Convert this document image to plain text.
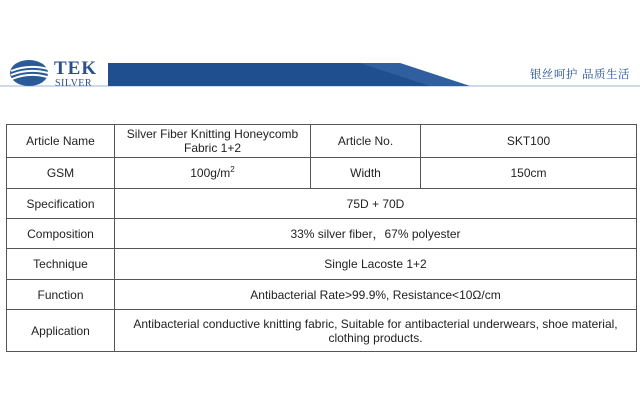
TEK
SILVER
银丝呵护 品质生活
Article Name	Silver Fiber Knitting Honeycomb Fabric 1+2	Article No.	SKT100
GSM	$100g/m^2$	Width	150cm
Specification	75D + 70D		
Composition	33% silver fiber，67% polyester		
Technique	Single Lacoste 1+2		
Function	Antibacterial Rate>99.9%, Resistance<10Ω/cm		
Application	Antibacterial conductive knitting fabric, Suitable for antibacterial underwears, shoe material, clothing products.		
